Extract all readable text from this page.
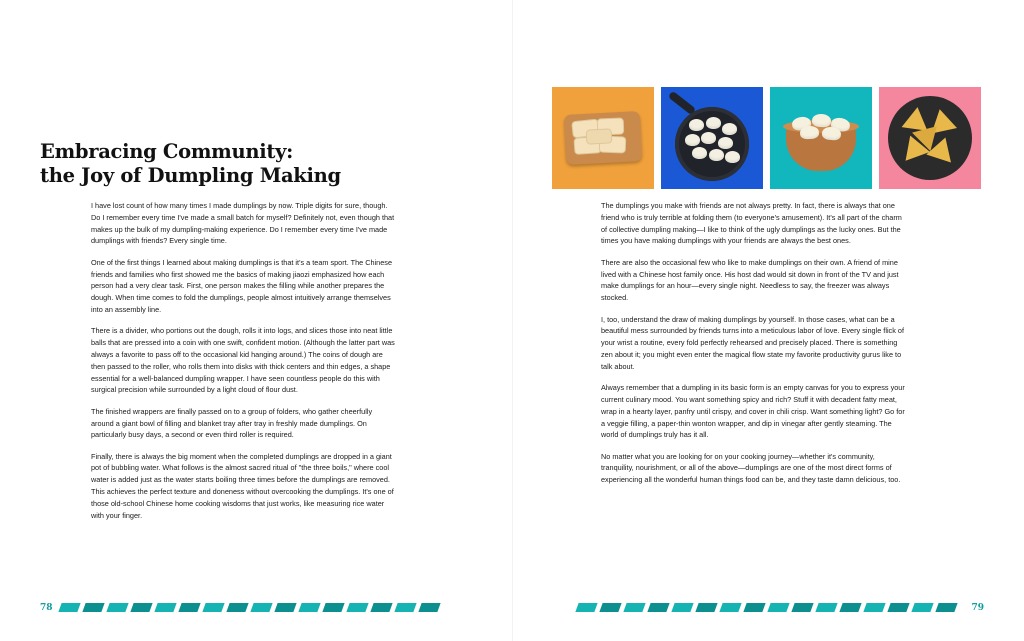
Embracing Community:
the Joy of Dumpling Making

I have lost count of how many times I made dumplings by now. Triple digits for sure, though. Do I remember every time I've made a small batch for myself? Definitely not, even though that makes up the bulk of my dumpling-making experience. Do I remember every time I've made dumplings with friends? Every single time.

One of the first things I learned about making dumplings is that it's a team sport. The Chinese friends and families who first showed me the basics of making jiaozi emphasized how each person had a very clear task. First, one person makes the filling while another prepares the dough. When time comes to fold the dumplings, people almost intuitively arrange themselves into an assembly line.

There is a divider, who portions out the dough, rolls it into logs, and slices those into neat little balls that are pressed into a coin with one swift, confident motion. (Although the latter part was always a favorite to pass off to the occasional kid hanging around.) The coins of dough are then passed to the roller, who rolls them into disks with thick centers and thin edges, a shape essential for a well-balanced dumpling wrapper. I have seen countless people do this with surgical precision while surrounded by a light cloud of flour dust.

The finished wrappers are finally passed on to a group of folders, who gather cheerfully around a giant bowl of filling and blanket tray after tray in freshly made dumplings. On particularly busy days, a second or even third roller is required.

Finally, there is always the big moment when the completed dumplings are dropped in a giant pot of bubbling water. What follows is the almost sacred ritual of "the three boils," where cool water is added just as the water starts boiling three times before the dumplings are removed. This achieves the perfect texture and doneness without overcooking the dumplings. It's one of those old-school Chinese home cooking wisdoms that just works, like measuring rice water with your finger.

78

The dumplings you make with friends are not always pretty. In fact, there is always that one friend who is truly terrible at folding them (to everyone's amusement). It's all part of the charm of collective dumpling making—I like to think of the ugly dumplings as the lucky ones. But the times you have making dumplings with your friends are always the best ones.

There are also the occasional few who like to make dumplings on their own. A friend of mine lived with a Chinese host family once. His host dad would sit down in front of the TV and just make dumplings for an hour—every single night. Needless to say, the freezer was always stocked.

I, too, understand the draw of making dumplings by yourself. In those cases, what can be a beautiful mess surrounded by friends turns into a meticulous labor of love. Every single flick of your wrist a routine, every fold perfectly rehearsed and precisely placed. There is something zen about it; you might even enter the magical flow state my favorite productivity gurus like to talk about.

Always remember that a dumpling in its basic form is an empty canvas for you to express your current culinary mood. You want something spicy and rich? Stuff it with decadent fatty meat, wrap in a hearty layer, panfry until crispy, and cover in chili crisp. Want something light? Go for a veggie filling, a paper-thin wonton wrapper, and dip in vinegar after gently steaming. The world of dumplings truly has it all.

No matter what you are looking for on your cooking journey—whether it's community, tranquility, nourishment, or all of the above—dumplings are one of the most direct forms of experiencing all the wonderful human things food can be, and they taste damn delicious, too.

79
